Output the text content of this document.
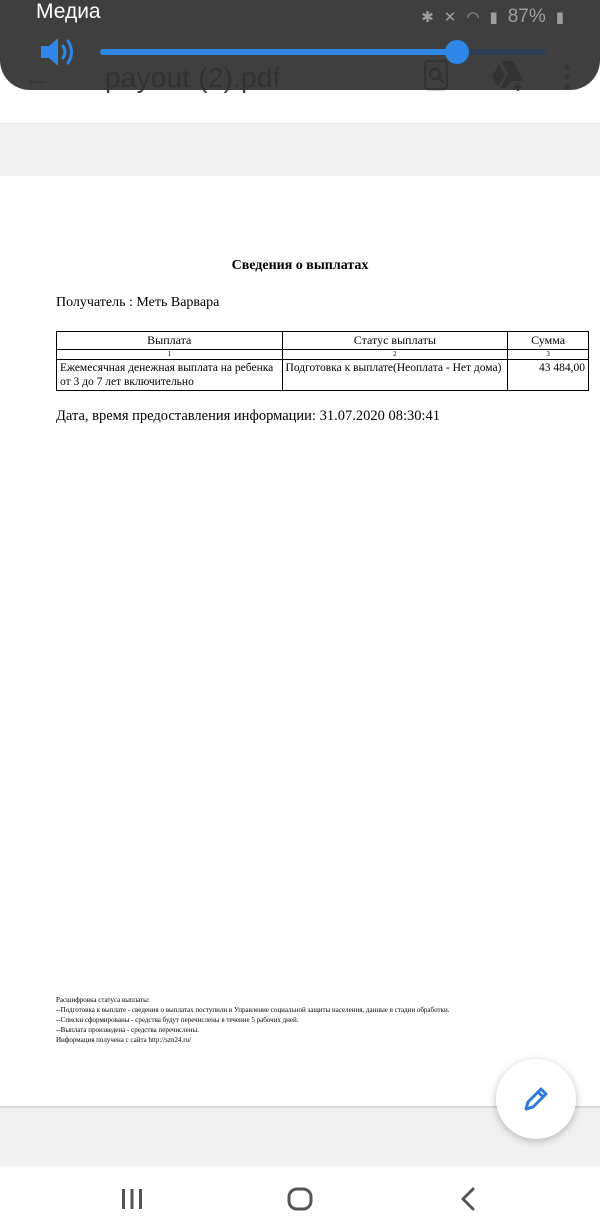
Медиа	✱ ✕ ◠ ▮ 87% ▮
Сведения о выплатах
Получатель : Меть Варвара
Выплата	Статус выплаты	Сумма
1	2	3
Ежемесячная денежная выплата на ребенка от 3 до 7 лет включительно	Подготовка к выплате(Неоплата - Нет дома)	43 484,00
Дата, время предоставления информации: 31.07.2020 08:30:41
Расшифровка статуса выплаты:
--Подготовка к выплате - сведения о выплатах поступили в Управление социальной защиты населения, данные в стадии обработки.
--Списки сформированы - средства будут перечислены в течение 5 рабочих дней.
--Выплата произведена - средства перечислены.
Информация получена с сайта http://szn24.ru/
